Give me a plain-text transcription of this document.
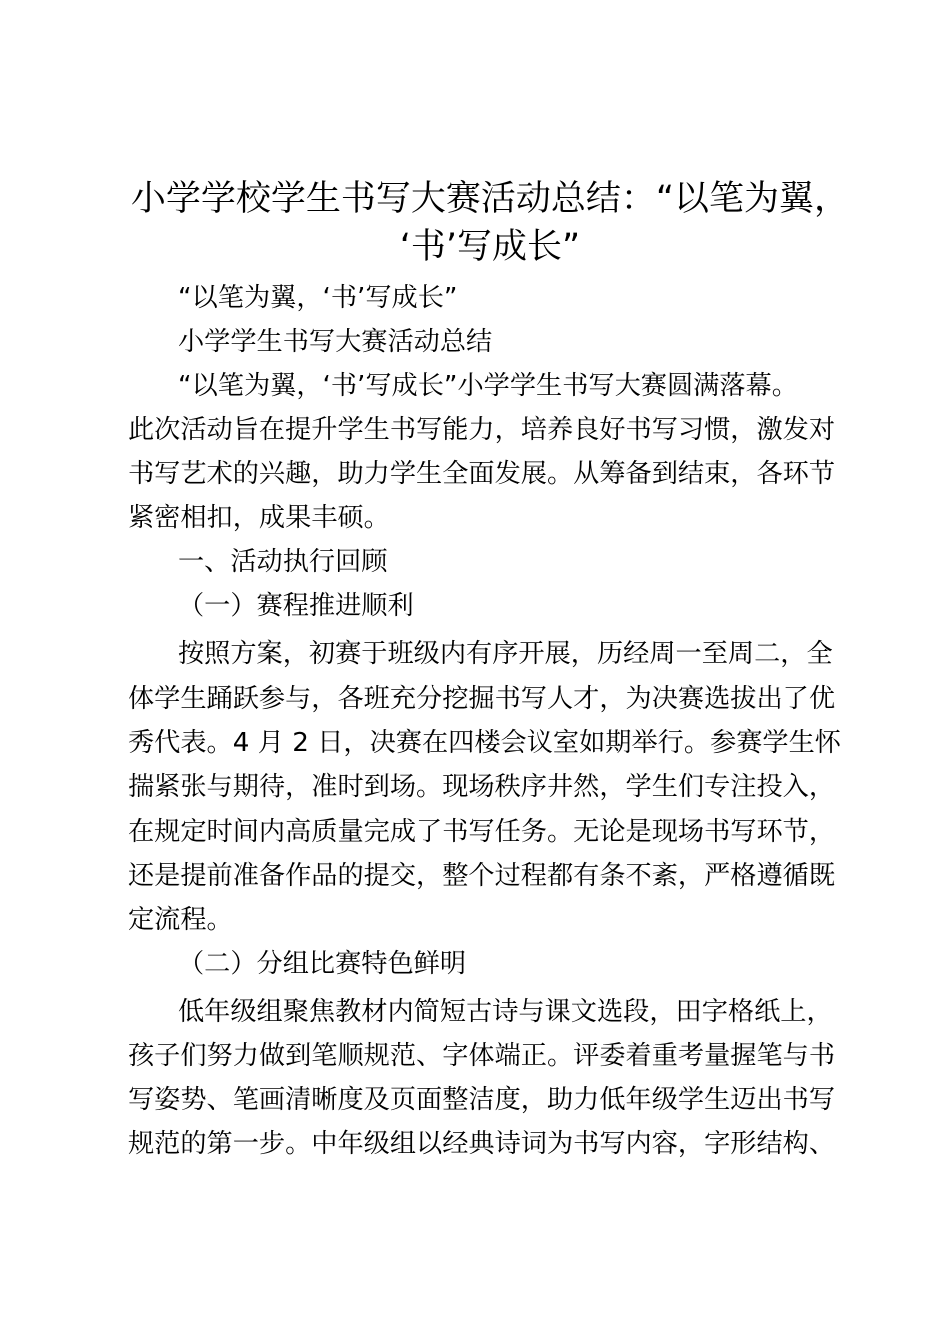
小学学校学生书写大赛活动总结：“以笔为翼，
‘书’写成长”

“以笔为翼，‘书’写成长”

小学学生书写大赛活动总结

“以笔为翼，‘书’写成长”小学学生书写大赛圆满落幕。

此次活动旨在提升学生书写能力，培养良好书写习惯，激发对

书写艺术的兴趣，助力学生全面发展。从筹备到结束，各环节

紧密相扣，成果丰硕。

一、活动执行回顾

（一）赛程推进顺利

按照方案，初赛于班级内有序开展，历经周一至周二，全

体学生踊跃参与，各班充分挖掘书写人才，为决赛选拔出了优

秀代表。4 月 2 日，决赛在四楼会议室如期举行。参赛学生怀

揣紧张与期待，准时到场。现场秩序井然，学生们专注投入，

在规定时间内高质量完成了书写任务。无论是现场书写环节，

还是提前准备作品的提交，整个过程都有条不紊，严格遵循既

定流程。

（二）分组比赛特色鲜明

低年级组聚焦教材内简短古诗与课文选段，田字格纸上，

孩子们努力做到笔顺规范、字体端正。评委着重考量握笔与书

写姿势、笔画清晰度及页面整洁度，助力低年级学生迈出书写

规范的第一步。中年级组以经典诗词为书写内容，字形结构、
